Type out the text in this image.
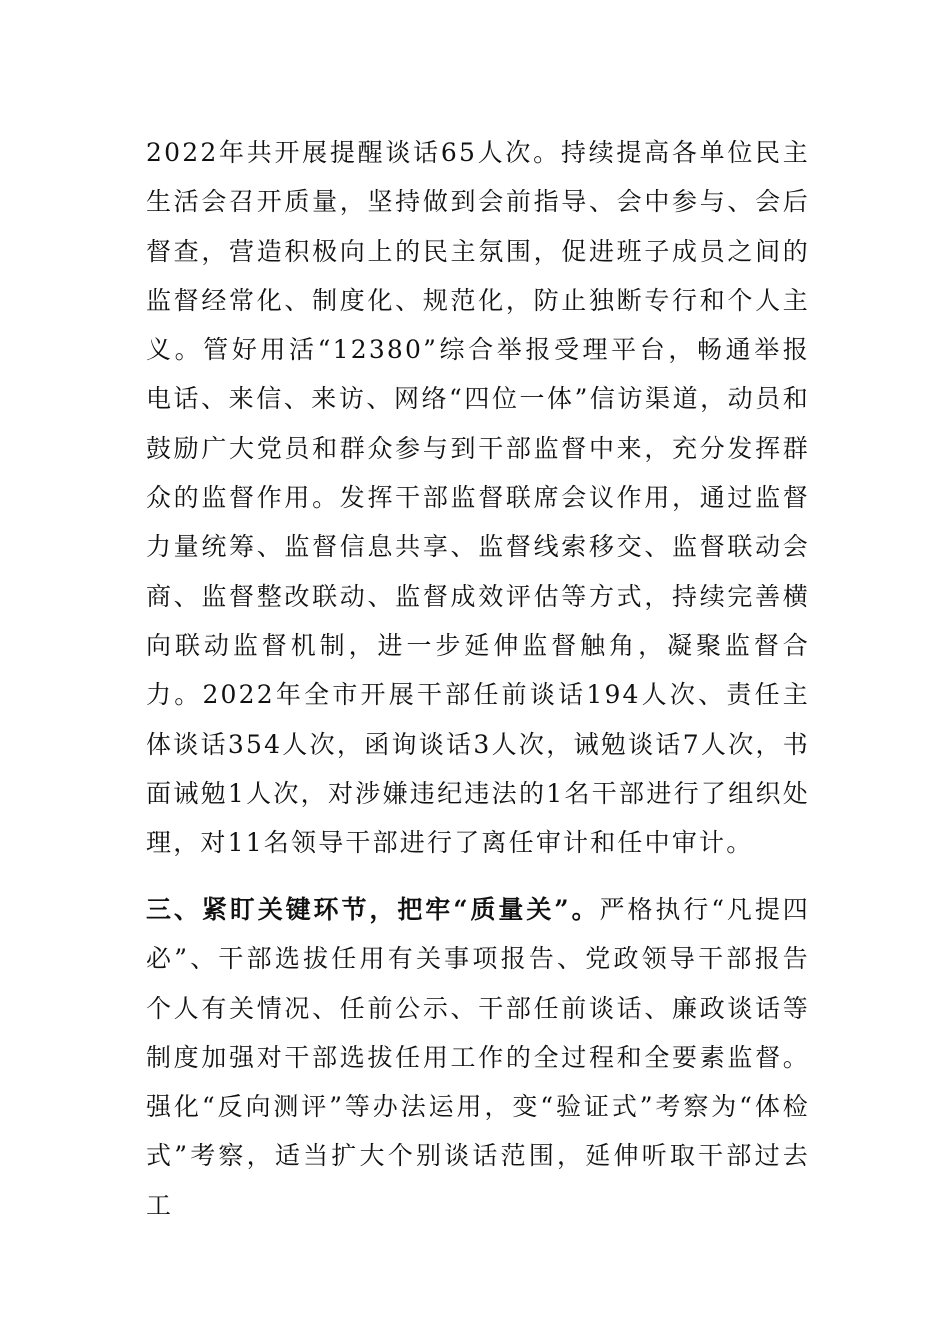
2022年共开展提醒谈话65人次。持续提高各单位民主生活会召开质量，坚持做到会前指导、会中参与、会后督查，营造积极向上的民主氛围，促进班子成员之间的监督经常化、制度化、规范化，防止独断专行和个人主义。管好用活“12380”综合举报受理平台，畅通举报电话、来信、来访、网络“四位一体”信访渠道，动员和鼓励广大党员和群众参与到干部监督中来，充分发挥群众的监督作用。发挥干部监督联席会议作用，通过监督力量统筹、监督信息共享、监督线索移交、监督联动会商、监督整改联动、监督成效评估等方式，持续完善横向联动监督机制，进一步延伸监督触角，凝聚监督合力。2022年全市开展干部任前谈话194人次、责任主体谈话354人次，函询谈话3人次，诫勉谈话7人次，书面诫勉1人次，对涉嫌违纪违法的1名干部进行了组织处理，对11名领导干部进行了离任审计和任中审计。

三、紧盯关键环节，把牢“质量关”。严格执行“凡提四必”、干部选拔任用有关事项报告、党政领导干部报告个人有关情况、任前公示、干部任前谈话、廉政谈话等制度加强对干部选拔任用工作的全过程和全要素监督。强化“反向测评”等办法运用，变“验证式”考察为“体检式”考察，适当扩大个别谈话范围，延伸听取干部过去工
